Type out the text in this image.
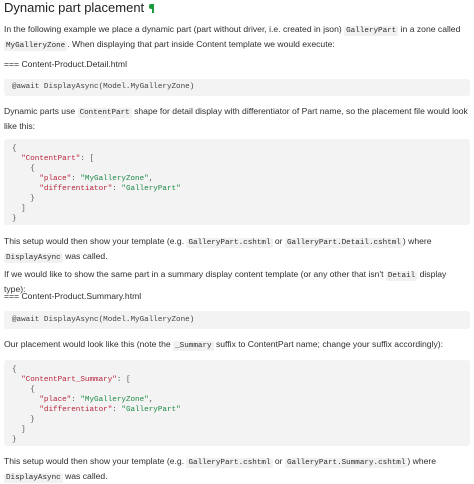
Dynamic part placement

In the following example we place a dynamic part (part without driver, i.e. created in json) GalleryPart in a zone called MyGalleryZone . When displaying that part inside Content template we would execute:

=== Content-Product.Detail.html

@await DisplayAsync(Model.MyGalleryZone)

Dynamic parts use ContentPart shape for detail display with differentiator of Part name, so the placement file would look like this:

{
"ContentPart": [
{
"place": "MyGalleryZone",
"differentiator": "GalleryPart"
}
]
}

This setup would then show your template (e.g. GalleryPart.cshtml or GalleryPart.Detail.cshtml ) where DisplayAsync was called.

If we would like to show the same part in a summary display content template (or any other that isn't Detail display type):

=== Content-Product.Summary.html

@await DisplayAsync(Model.MyGalleryZone)

Our placement would look like this (note the _Summary suffix to ContentPart name; change your suffix accordingly):

{
"ContentPart_Summary": [
{
"place": "MyGalleryZone",
"differentiator": "GalleryPart"
}
]
}

This setup would then show your template (e.g. GalleryPart.cshtml or GalleryPart.Summary.cshtml ) where DisplayAsync was called.
